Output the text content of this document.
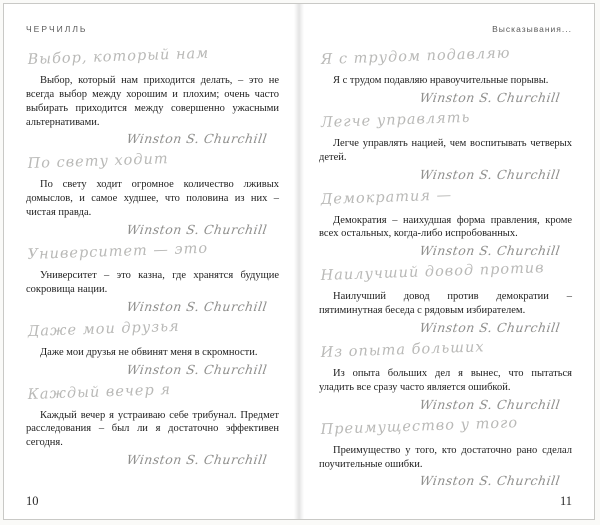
ЧЕРЧИЛЛЬ
Выбор, который нам

Выбор, который нам приходится делать, – это не всегда выбор между хорошим и плохим; очень часто выбирать приходится между совершенно ужасными альтернативами.

Winston S. Churchill
По свету ходит

По свету ходит огромное количество лживых домыслов, и самое худшее, что половина из них – чистая правда.

Winston S. Churchill
Университет — это

Университет – это казна, где хранятся будущие сокровища нации.

Winston S. Churchill
Даже мои друзья

Даже мои друзья не обвинят меня в скромности.

Winston S. Churchill
Каждый вечер я

Каждый вечер я устраиваю себе трибунал. Предмет расследования – был ли я достаточно эффективен сегодня.

Winston S. Churchill
10
Высказывания...
Я с трудом подавляю

Я с трудом подавляю нравоучительные порывы.

Winston S. Churchill
Легче управлять

Легче управлять нацией, чем воспитывать четверых детей.

Winston S. Churchill
Демократия —

Демократия – наихудшая форма правления, кроме всех остальных, когда-либо испробованных.

Winston S. Churchill
Наилучший довод против

Наилучший довод против демократии – пятиминутная беседа с рядовым избирателем.

Winston S. Churchill
Из опыта больших

Из опыта больших дел я вынес, что пытаться уладить все сразу часто является ошибкой.

Winston S. Churchill
Преимущество у того

Преимущество у того, кто достаточно рано сделал поучительные ошибки.

Winston S. Churchill
11
